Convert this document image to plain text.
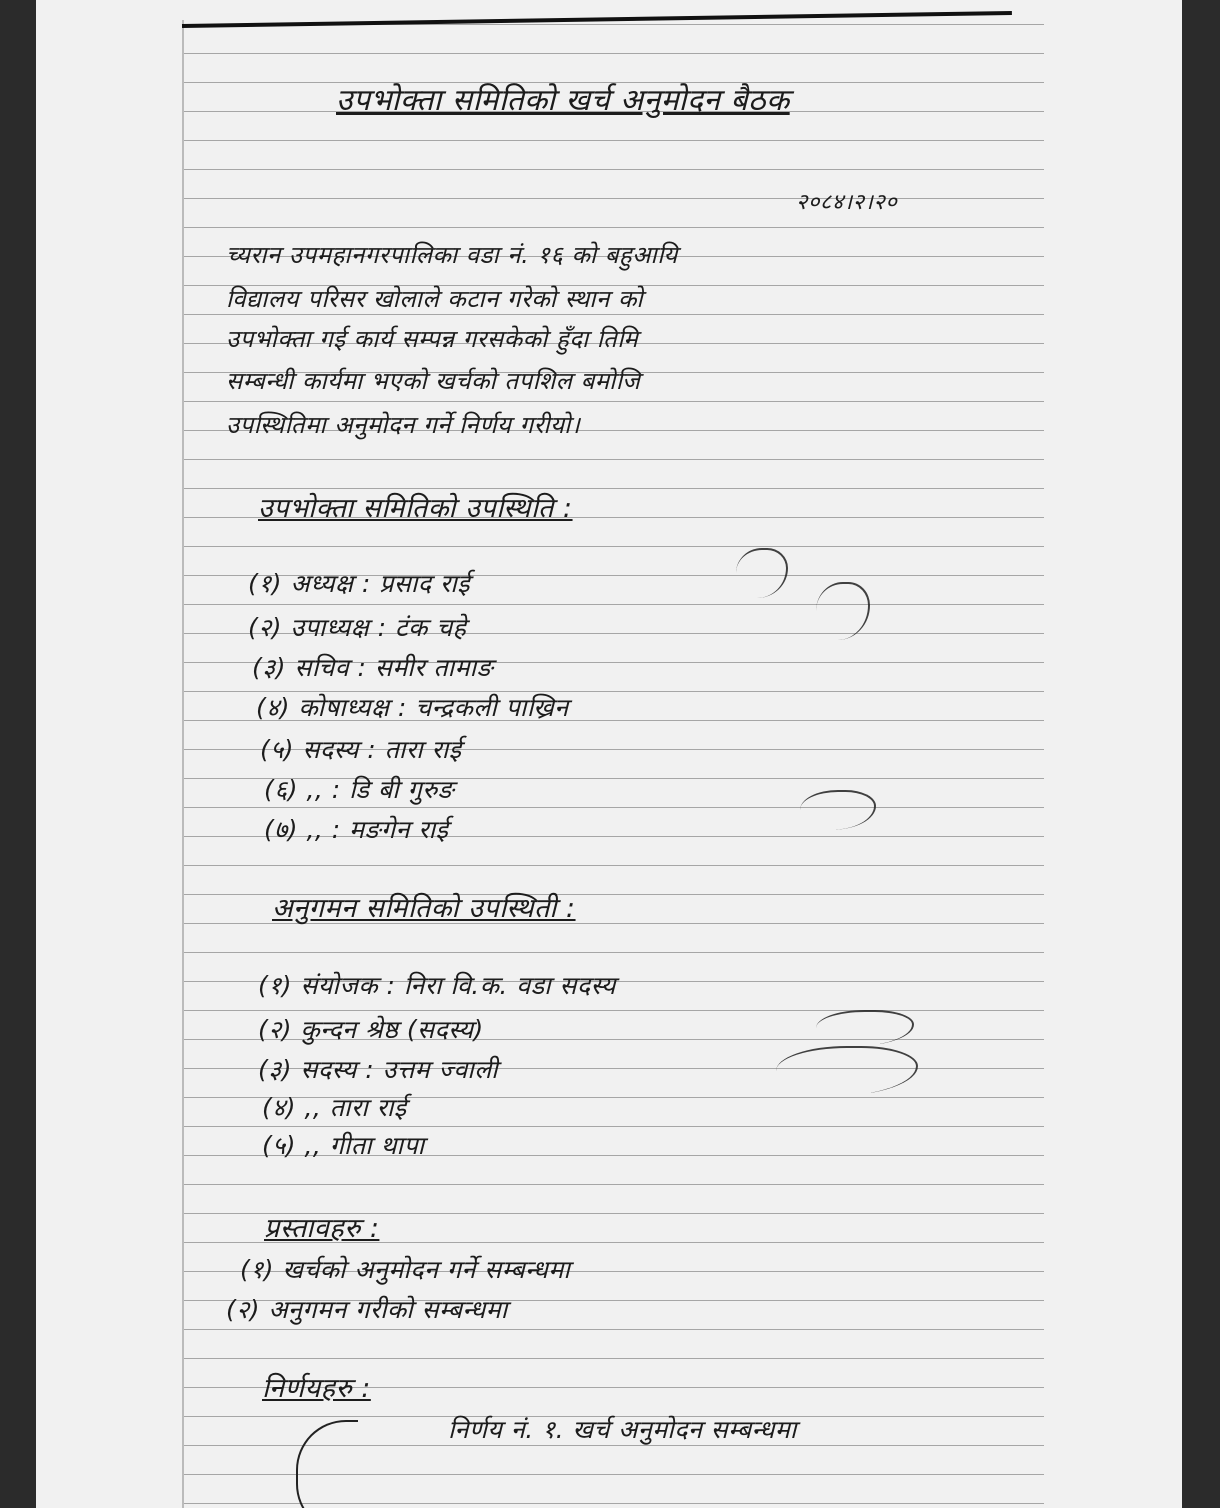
उपभोक्ता समितिको खर्च अनुमोदन बैठक
२०८४।२।२०
च्यरान उपमहानगरपालिका वडा नं. १६ को बहुआयि
विद्यालय परिसर खोलाले कटान गरेको स्थान को
उपभोक्ता गई कार्य सम्पन्न गरसकेको हुँदा तिमि
सम्बन्धी कार्यमा भएको खर्चको तपशिल बमोजि
उपस्थितिमा अनुमोदन गर्ने निर्णय गरीयो।
उपभोक्ता समितिको उपस्थिति :
(१) अध्यक्ष : प्रसाद राई
(२) उपाध्यक्ष : टंक चहे
(३) सचिव : समीर तामाङ
(४) कोषाध्यक्ष : चन्द्रकली पाख्रिन
(५) सदस्य : तारा राई
(६) ,, : डि बी गुरुङ
(७) ,, : मङगेन राई
अनुगमन समितिको उपस्थिती :
(१) संयोजक : निरा वि.क. वडा सदस्य
(२) कुन्दन श्रेष्ठ (सदस्य)
(३) सदस्य : उत्तम ज्वाली
(४) ,, तारा राई
(५) ,, गीता थापा
प्रस्तावहरु :
(१) खर्चको अनुमोदन गर्ने सम्बन्धमा
(२) अनुगमन गरीको सम्बन्धमा
निर्णयहरु :
निर्णय नं. १. खर्च अनुमोदन सम्बन्धमा
